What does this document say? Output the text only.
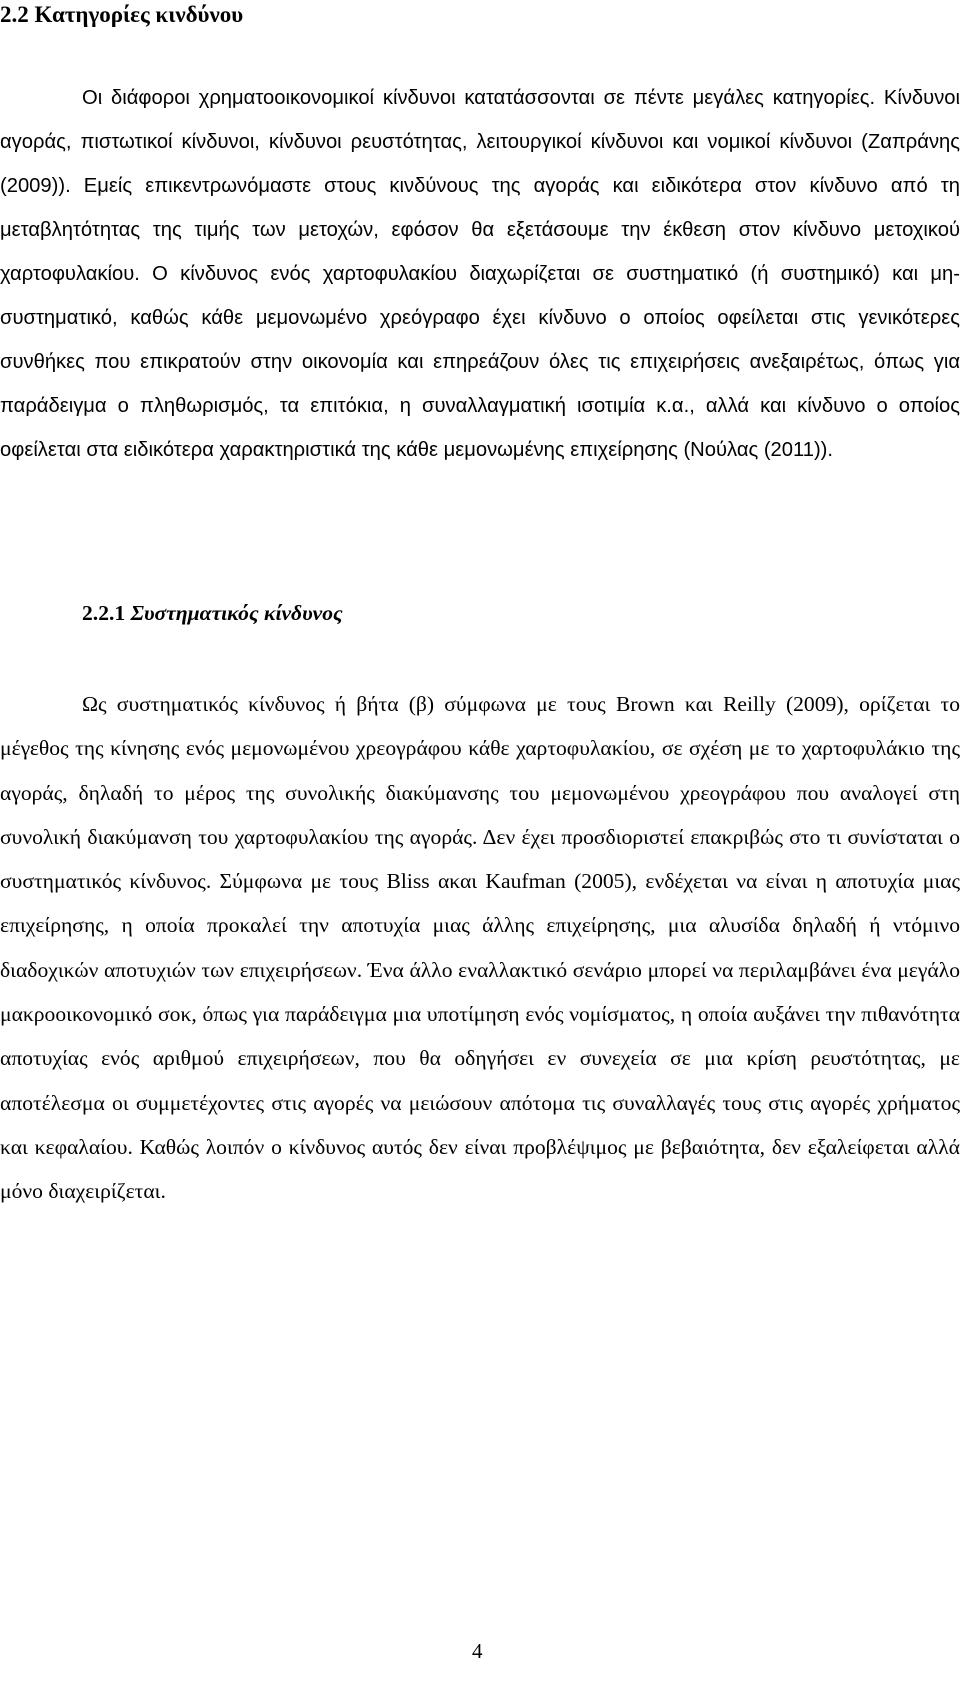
2.2 Κατηγορίες κινδύνου

Οι διάφοροι χρηματοοικονομικοί κίνδυνοι κατατάσσονται σε πέντε μεγάλες κατηγορίες. Κίνδυνοι αγοράς, πιστωτικοί κίνδυνοι, κίνδυνοι ρευστότητας, λειτουργικοί κίνδυνοι και νομικοί κίνδυνοι (Ζαπράνης (2009)). Εμείς επικεντρωνόμαστε στους κινδύνους της αγοράς και ειδικότερα στον κίνδυνο από τη μεταβλητότητας της τιμής των μετοχών, εφόσον θα εξετάσουμε την έκθεση στον κίνδυνο μετοχικού χαρτοφυλακίου. Ο κίνδυνος ενός χαρτοφυλακίου διαχωρίζεται σε συστηματικό (ή συστημικό) και μη-συστηματικό, καθώς κάθε μεμονωμένο χρεόγραφο έχει κίνδυνο ο οποίος οφείλεται στις γενικότερες συνθήκες που επικρατούν στην οικονομία και επηρεάζουν όλες τις επιχειρήσεις ανεξαιρέτως, όπως για παράδειγμα ο πληθωρισμός, τα επιτόκια, η συναλλαγματική ισοτιμία κ.α., αλλά και κίνδυνο ο οποίος οφείλεται στα ειδικότερα χαρακτηριστικά της κάθε μεμονωμένης επιχείρησης (Νούλας (2011)).

2.2.1 Συστηματικός κίνδυνος

Ως συστηματικός κίνδυνος ή βήτα (β) σύμφωνα με τους Brown και Reilly (2009), ορίζεται το μέγεθος της κίνησης ενός μεμονωμένου χρεογράφου κάθε χαρτοφυλακίου, σε σχέση με το χαρτοφυλάκιο της αγοράς, δηλαδή το μέρος της συνολικής διακύμανσης του μεμονωμένου χρεογράφου που αναλογεί στη συνολική διακύμανση του χαρτοφυλακίου της αγοράς. Δεν έχει προσδιοριστεί επακριβώς στο τι συνίσταται ο συστηματικός κίνδυνος. Σύμφωνα με τους Bliss ακαι Kaufman (2005), ενδέχεται να είναι η αποτυχία μιας επιχείρησης, η οποία προκαλεί την αποτυχία μιας άλλης επιχείρησης, μια αλυσίδα δηλαδή ή ντόμινο διαδοχικών αποτυχιών των επιχειρήσεων. Ένα άλλο εναλλακτικό σενάριο μπορεί να περιλαμβάνει ένα μεγάλο μακροοικονομικό σοκ, όπως για παράδειγμα μια υποτίμηση ενός νομίσματος, η οποία αυξάνει την πιθανότητα αποτυχίας ενός αριθμού επιχειρήσεων, που θα οδηγήσει εν συνεχεία σε μια κρίση ρευστότητας, με αποτέλεσμα οι συμμετέχοντες στις αγορές να μειώσουν απότομα τις συναλλαγές τους στις αγορές χρήματος και κεφαλαίου. Καθώς λοιπόν ο κίνδυνος αυτός δεν είναι προβλέψιμος με βεβαιότητα, δεν εξαλείφεται αλλά μόνο διαχειρίζεται.

4
